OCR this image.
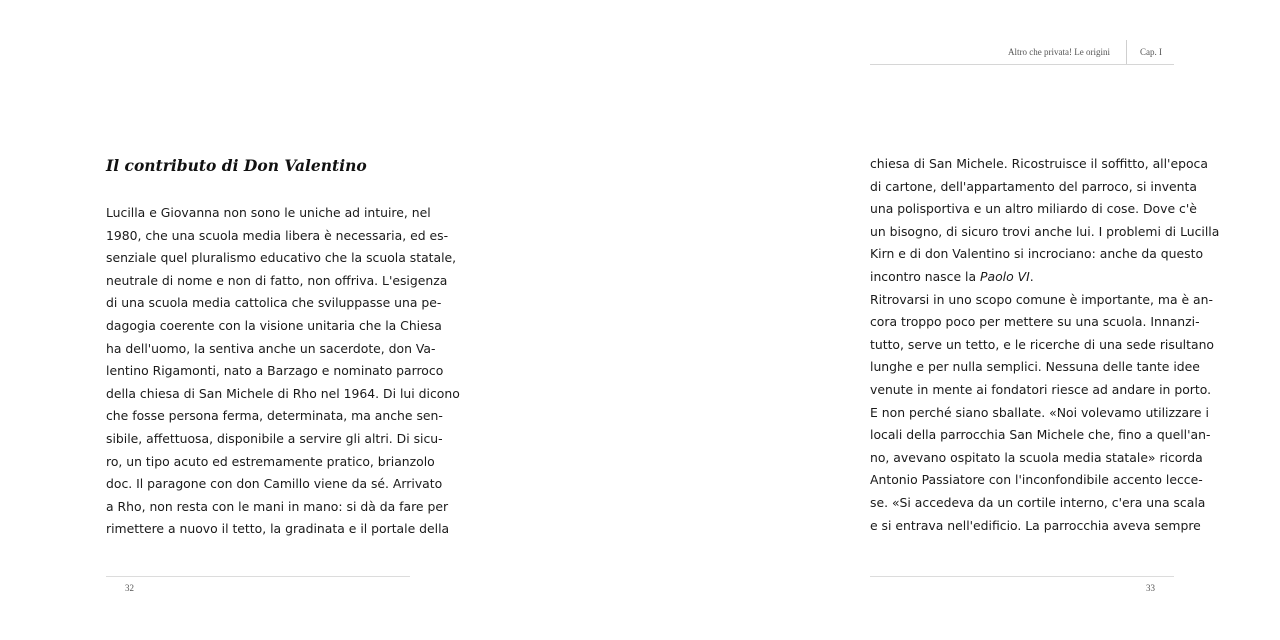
Il contributo di Don Valentino
Lucilla e Giovanna non sono le uniche ad intuire, nel
1980, che una scuola media libera è necessaria, ed es-
senziale quel pluralismo educativo che la scuola statale,
neutrale di nome e non di fatto, non offriva. L'esigenza
di una scuola media cattolica che sviluppasse una pe-
dagogia coerente con la visione unitaria che la Chiesa
ha dell'uomo, la sentiva anche un sacerdote, don Va-
lentino Rigamonti, nato a Barzago e nominato parroco
della chiesa di San Michele di Rho nel 1964. Di lui dicono
che fosse persona ferma, determinata, ma anche sen-
sibile, affettuosa, disponibile a servire gli altri. Di sicu-
ro, un tipo acuto ed estremamente pratico, brianzolo
doc. Il paragone con don Camillo viene da sé. Arrivato
a Rho, non resta con le mani in mano: si dà da fare per
rimettere a nuovo il tetto, la gradinata e il portale della
32
Altro che privata! Le origini	Cap. I
chiesa di San Michele. Ricostruisce il soffitto, all'epoca
di cartone, dell'appartamento del parroco, si inventa
una polisportiva e un altro miliardo di cose. Dove c'è
un bisogno, di sicuro trovi anche lui. I problemi di Lucilla
Kirn e di don Valentino si incrociano: anche da questo
incontro nasce la Paolo VI.
Ritrovarsi in uno scopo comune è importante, ma è an-
cora troppo poco per mettere su una scuola. Innanzi-
tutto, serve un tetto, e le ricerche di una sede risultano
lunghe e per nulla semplici. Nessuna delle tante idee
venute in mente ai fondatori riesce ad andare in porto.
E non perché siano sballate. «Noi volevamo utilizzare i
locali della parrocchia San Michele che, fino a quell'an-
no, avevano ospitato la scuola media statale» ricorda
Antonio Passiatore con l'inconfondibile accento lecce-
se. «Si accedeva da un cortile interno, c'era una scala
e si entrava nell'edificio. La parrocchia aveva sempre
33
